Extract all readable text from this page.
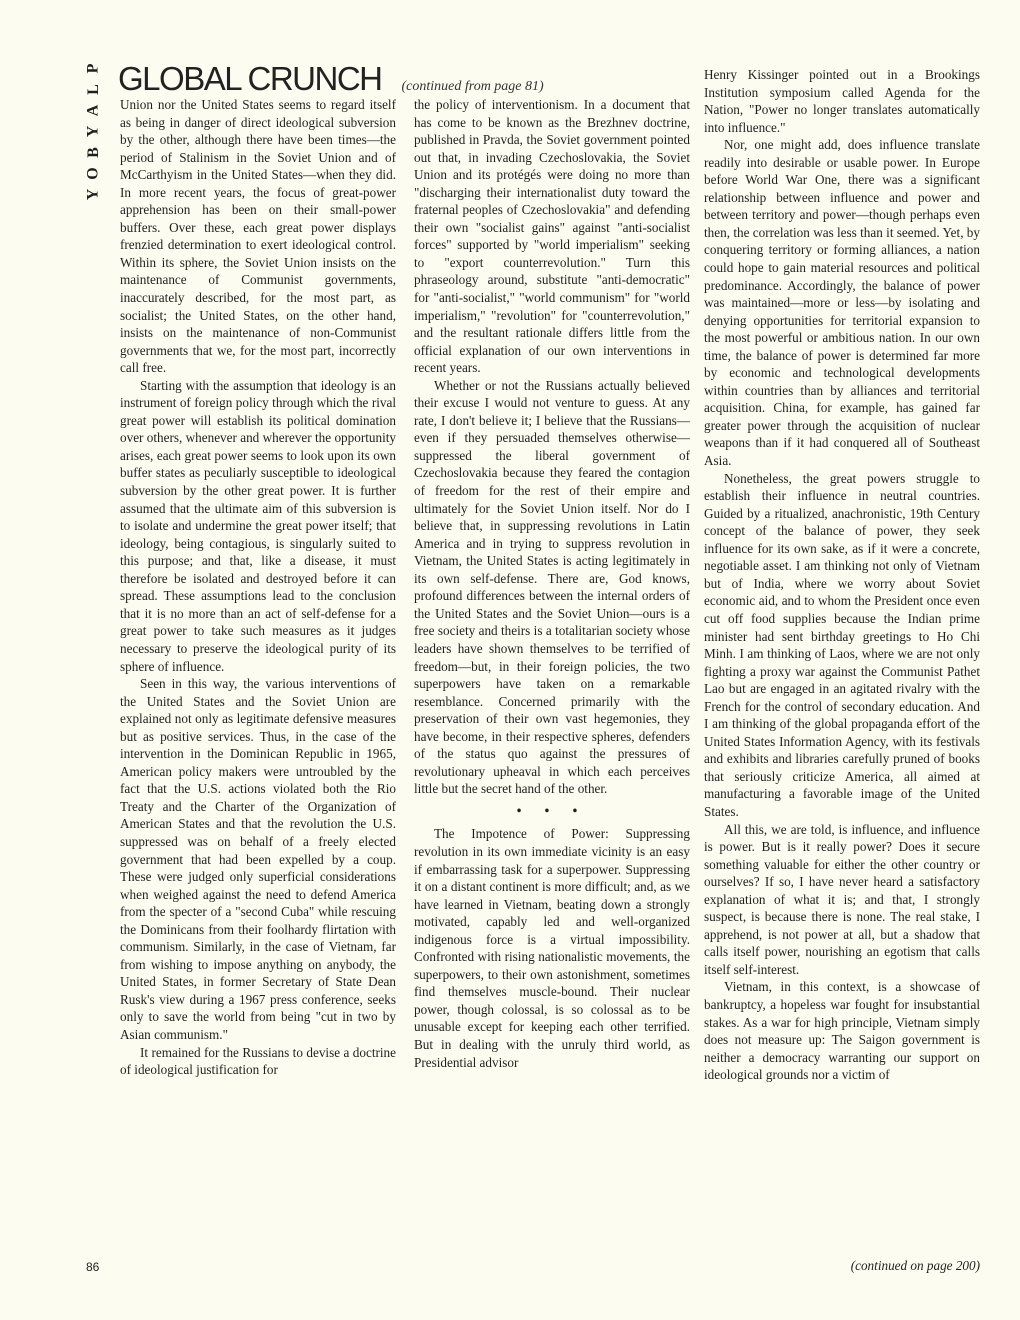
P
L
A
Y
B
O
Y
GLOBAL CRUNCH (continued from page 81)

Union nor the United States seems to regard itself as being in danger of direct ideological subversion by the other, although there have been times—the period of Stalinism in the Soviet Union and of McCarthyism in the United States—when they did. In more recent years, the focus of great-power apprehension has been on their small-power buffers. Over these, each great power displays frenzied determination to exert ideological control. Within its sphere, the Soviet Union insists on the maintenance of Communist governments, inaccurately described, for the most part, as socialist; the United States, on the other hand, insists on the maintenance of non-Communist governments that we, for the most part, incorrectly call free.

Starting with the assumption that ideology is an instrument of foreign policy through which the rival great power will establish its political domination over others, whenever and wherever the opportunity arises, each great power seems to look upon its own buffer states as peculiarly susceptible to ideological subversion by the other great power. It is further assumed that the ultimate aim of this subversion is to isolate and undermine the great power itself; that ideology, being contagious, is singularly suited to this purpose; and that, like a disease, it must therefore be isolated and destroyed before it can spread. These assumptions lead to the conclusion that it is no more than an act of self-defense for a great power to take such measures as it judges necessary to preserve the ideological purity of its sphere of influence.

Seen in this way, the various interventions of the United States and the Soviet Union are explained not only as legitimate defensive measures but as positive services. Thus, in the case of the intervention in the Dominican Republic in 1965, American policy makers were untroubled by the fact that the U.S. actions violated both the Rio Treaty and the Charter of the Organization of American States and that the revolution the U.S. suppressed was on behalf of a freely elected government that had been expelled by a coup. These were judged only superficial considerations when weighed against the need to defend America from the specter of a "second Cuba" while rescuing the Dominicans from their foolhardy flirtation with communism. Similarly, in the case of Vietnam, far from wishing to impose anything on anybody, the United States, in former Secretary of State Dean Rusk's view during a 1967 press conference, seeks only to save the world from being "cut in two by Asian communism."

It remained for the Russians to devise a doctrine of ideological justification for

the policy of interventionism. In a document that has come to be known as the Brezhnev doctrine, published in Pravda, the Soviet government pointed out that, in invading Czechoslovakia, the Soviet Union and its protégés were doing no more than "discharging their internationalist duty toward the fraternal peoples of Czechoslovakia" and defending their own "socialist gains" against "anti-socialist forces" supported by "world imperialism" seeking to "export counterrevolution." Turn this phraseology around, substitute "anti-democratic" for "anti-socialist," "world communism" for "world imperialism," "revolution" for "counterrevolution," and the resultant rationale differs little from the official explanation of our own interventions in recent years.

Whether or not the Russians actually believed their excuse I would not venture to guess. At any rate, I don't believe it; I believe that the Russians—even if they persuaded themselves otherwise—suppressed the liberal government of Czechoslovakia because they feared the contagion of freedom for the rest of their empire and ultimately for the Soviet Union itself. Nor do I believe that, in suppressing revolutions in Latin America and in trying to suppress revolution in Vietnam, the United States is acting legitimately in its own self-defense. There are, God knows, profound differences between the internal orders of the United States and the Soviet Union—ours is a free society and theirs is a totalitarian society whose leaders have shown themselves to be terrified of freedom—but, in their foreign policies, the two superpowers have taken on a remarkable resemblance. Concerned primarily with the preservation of their own vast hegemonies, they have become, in their respective spheres, defenders of the status quo against the pressures of revolutionary upheaval in which each perceives little but the secret hand of the other.

• • •

The Impotence of Power: Suppressing revolution in its own immediate vicinity is an easy if embarrassing task for a superpower. Suppressing it on a distant continent is more difficult; and, as we have learned in Vietnam, beating down a strongly motivated, capably led and well-organized indigenous force is a virtual impossibility. Confronted with rising nationalistic movements, the superpowers, to their own astonishment, sometimes find themselves muscle-bound. Their nuclear power, though colossal, is so colossal as to be unusable except for keeping each other terrified. But in dealing with the unruly third world, as Presidential advisor

Henry Kissinger pointed out in a Brookings Institution symposium called Agenda for the Nation, "Power no longer translates automatically into influence."

Nor, one might add, does influence translate readily into desirable or usable power. In Europe before World War One, there was a significant relationship between influence and power and between territory and power—though perhaps even then, the correlation was less than it seemed. Yet, by conquering territory or forming alliances, a nation could hope to gain material resources and political predominance. Accordingly, the balance of power was maintained—more or less—by isolating and denying opportunities for territorial expansion to the most powerful or ambitious nation. In our own time, the balance of power is determined far more by economic and technological developments within countries than by alliances and territorial acquisition. China, for example, has gained far greater power through the acquisition of nuclear weapons than if it had conquered all of Southeast Asia.

Nonetheless, the great powers struggle to establish their influence in neutral countries. Guided by a ritualized, anachronistic, 19th Century concept of the balance of power, they seek influence for its own sake, as if it were a concrete, negotiable asset. I am thinking not only of Vietnam but of India, where we worry about Soviet economic aid, and to whom the President once even cut off food supplies because the Indian prime minister had sent birthday greetings to Ho Chi Minh. I am thinking of Laos, where we are not only fighting a proxy war against the Communist Pathet Lao but are engaged in an agitated rivalry with the French for the control of secondary education. And I am thinking of the global propaganda effort of the United States Information Agency, with its festivals and exhibits and libraries carefully pruned of books that seriously criticize America, all aimed at manufacturing a favorable image of the United States.

All this, we are told, is influence, and influence is power. But is it really power? Does it secure something valuable for either the other country or ourselves? If so, I have never heard a satisfactory explanation of what it is; and that, I strongly suspect, is because there is none. The real stake, I apprehend, is not power at all, but a shadow that calls itself power, nourishing an egotism that calls itself self-interest.

Vietnam, in this context, is a showcase of bankruptcy, a hopeless war fought for insubstantial stakes. As a war for high principle, Vietnam simply does not measure up: The Saigon government is neither a democracy warranting our support on ideological grounds nor a victim of

(continued on page 200)
86
